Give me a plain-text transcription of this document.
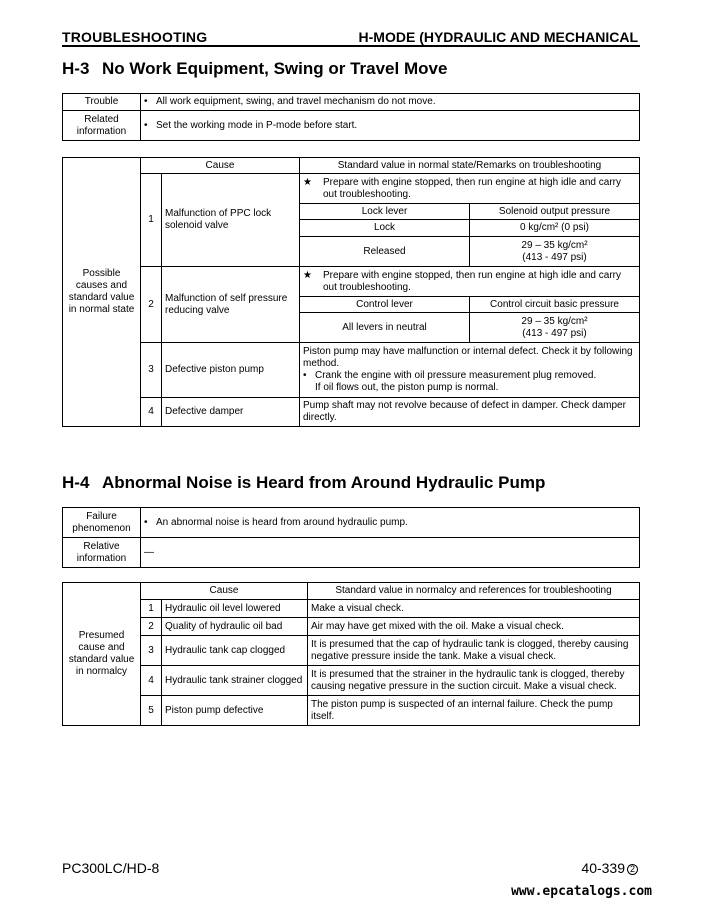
TROUBLESHOOTING	H-MODE (HYDRAULIC AND MECHANICAL
H-3 No Work Equipment, Swing or Travel Move
Trouble	• All work equipment, swing, and travel mechanism do not move.

Related information	• Set the working mode in P-mode before start.
Possible causes and standard value in normal state	Cause		Standard value in normal state/Remarks on troubleshooting	
	1	Malfunction of PPC lock solenoid valve	★ Prepare with engine stopped, then run engine at high idle and carry out troubleshooting.	

			Lock lever	Solenoid output pressure
			Lock	0 kg/cm² (0 psi)
			Released	29 – 35 kg/cm²
(413 - 497 psi)

	2	Malfunction of self pressure reducing valve	★ Prepare with engine stopped, then run engine at high idle and carry out troubleshooting.	

			Control lever	Control circuit basic pressure
			All levers in neutral	29 – 35 kg/cm²
(413 - 497 psi)

	3	Defective piston pump	Piston pump may have malfunction or internal defect. Check it by following method.
• Crank the engine with oil pressure measurement plug removed.
If oil flows out, the piston pump is normal.	

	4	Defective damper	Pump shaft may not revolve because of defect in damper. Check damper directly.	
H-4 Abnormal Noise is Heard from Around Hydraulic Pump
Failure phenomenon	• An abnormal noise is heard from around hydraulic pump.

Relative information	—
Presumed cause and standard value in normalcy	Cause		Standard value in normalcy and references for troubleshooting
	1	Hydraulic oil level lowered	Make a visual check.
	2	Quality of hydraulic oil bad	Air may have get mixed with the oil. Make a visual check.
	3	Hydraulic tank cap clogged	It is presumed that the cap of hydraulic tank is clogged, thereby causing negative pressure inside the tank. Make a visual check.
	4	Hydraulic tank strainer clogged	It is presumed that the strainer in the hydraulic tank is clogged, thereby causing negative pressure in the suction circuit. Make a visual check.
	5	Piston pump defective	The piston pump is suspected of an internal failure. Check the pump itself.
PC300LC/HD-8	40-339 2
www.epcatalogs.com
